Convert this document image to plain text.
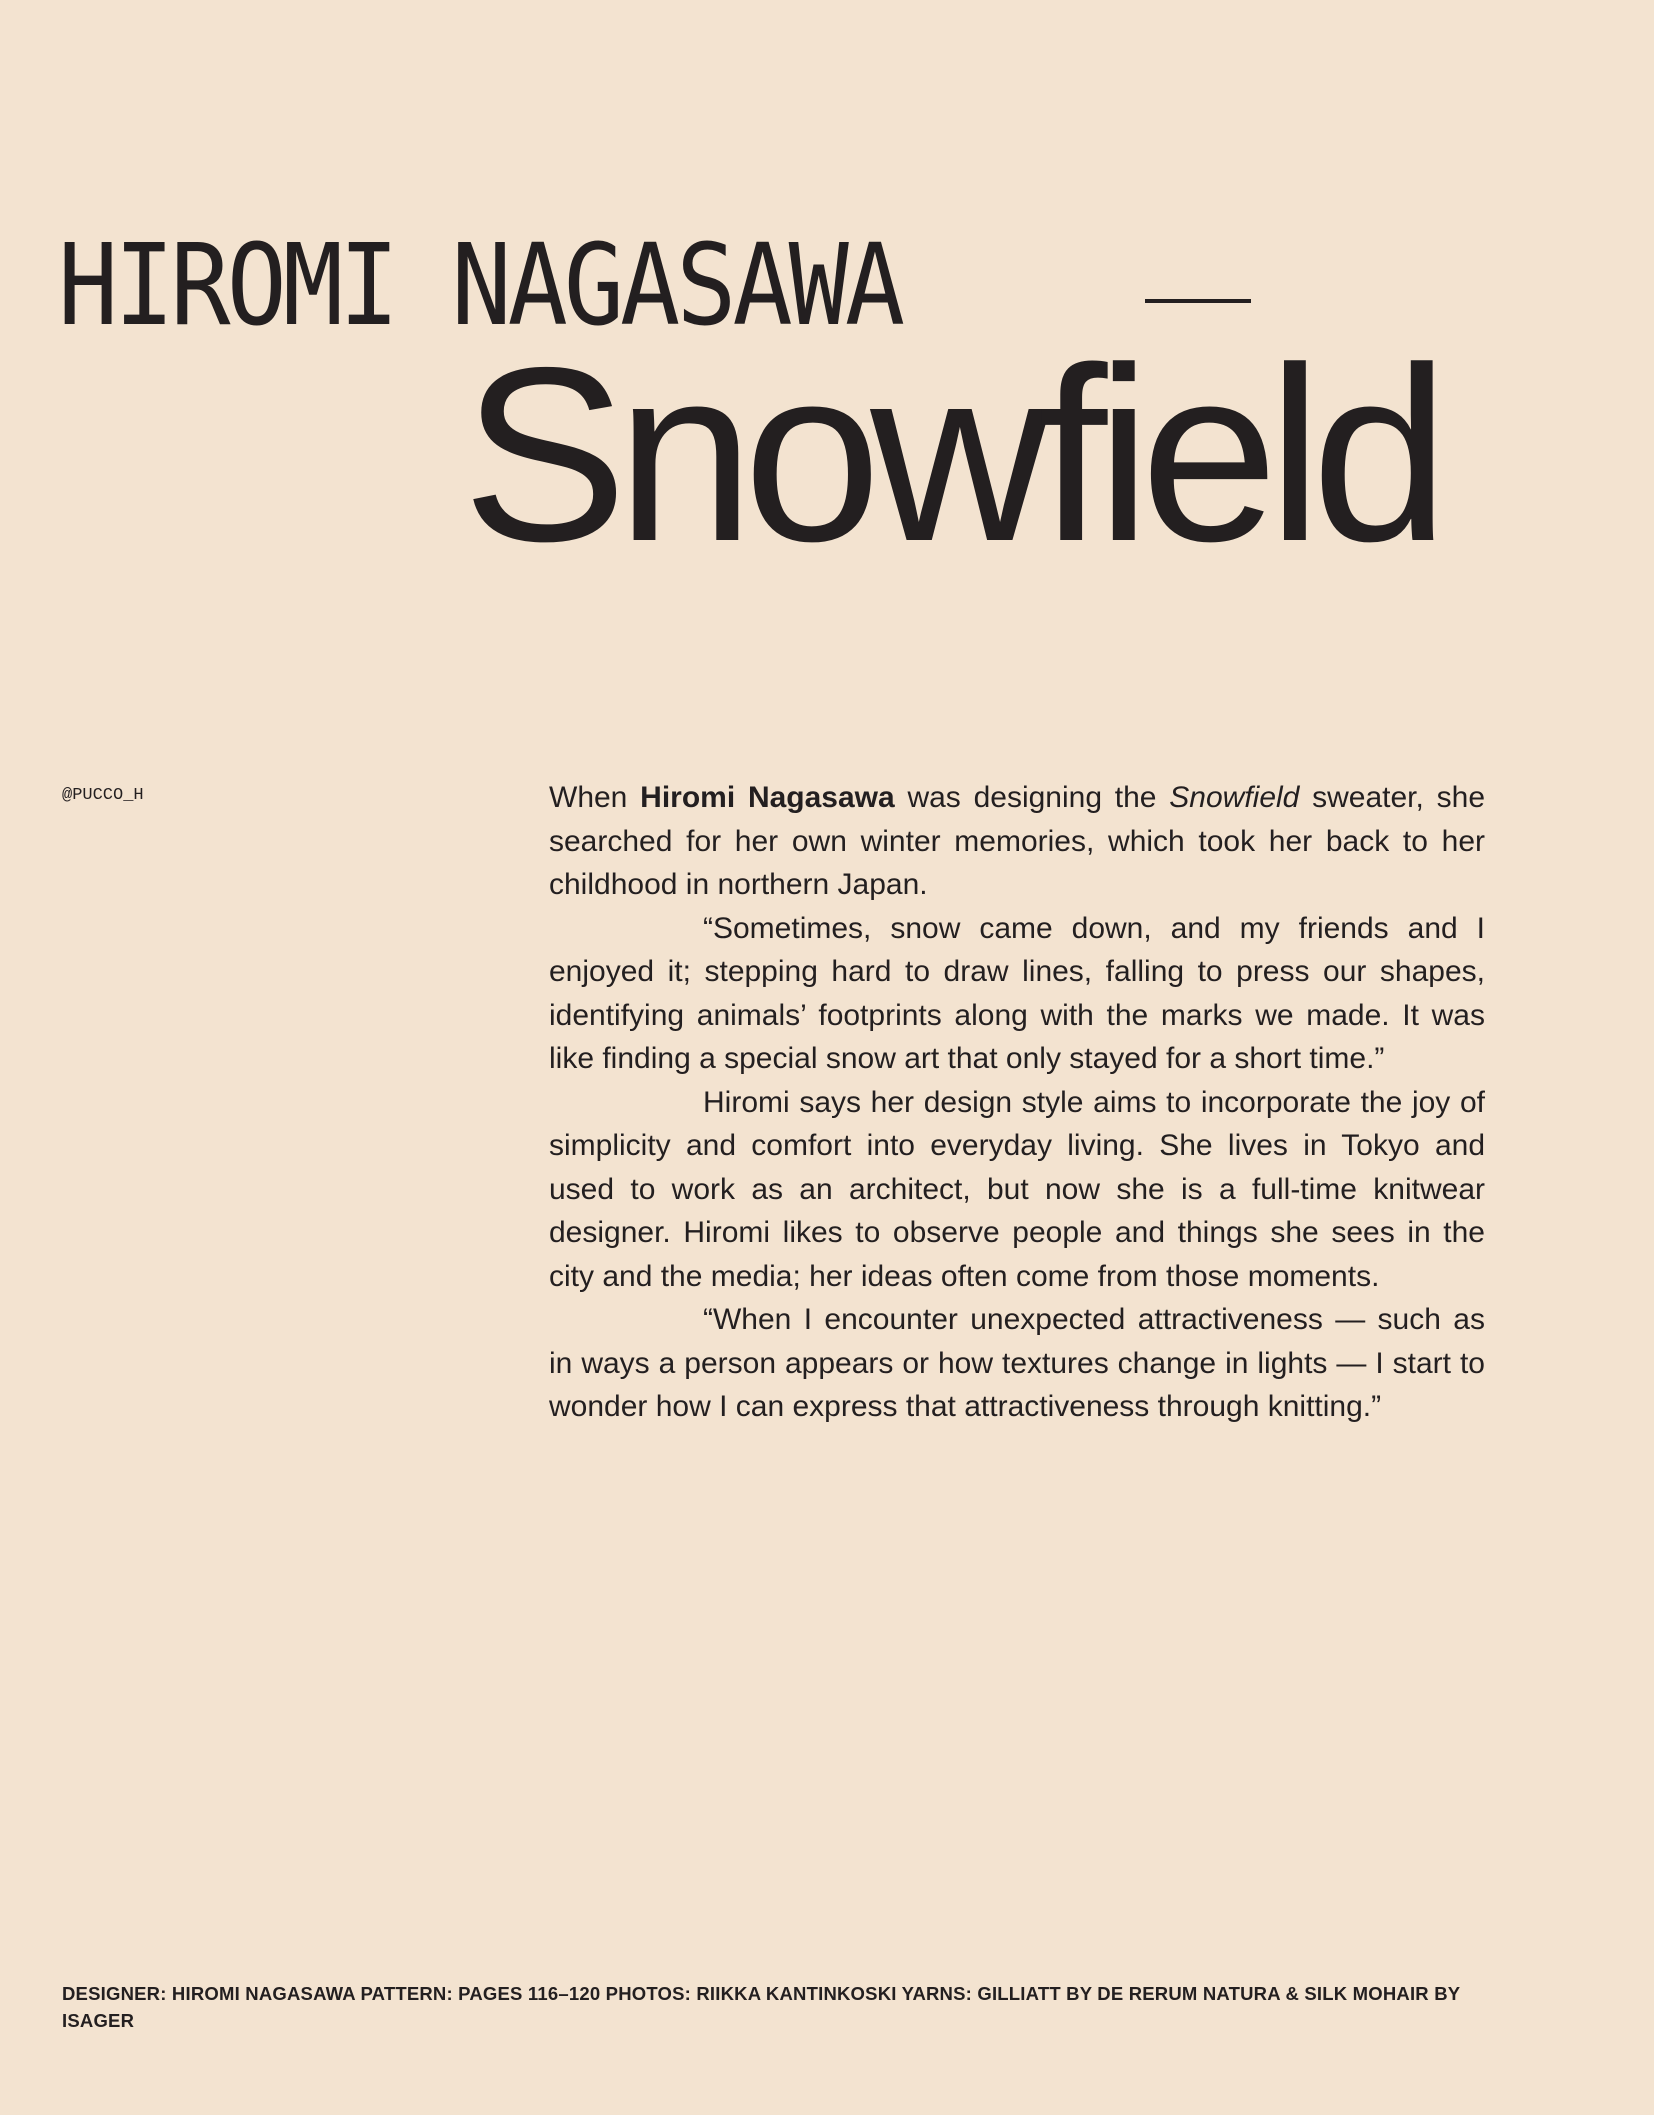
HIROMI NAGASAWA
Snowfield
@PUCCO_H	When Hiromi Nagasawa was designing the Snowfield sweater, she searched for her own winter memories, which took her back to her childhood in northern Japan.

“Sometimes, snow came down, and my friends and I enjoyed it; stepping hard to draw lines, falling to press our shapes, identifying animals’ footprints along with the marks we made. It was like finding a special snow art that only stayed for a short time.”

Hiromi says her design style aims to incorporate the joy of simplicity and comfort into everyday living. She lives in Tokyo and used to work as an architect, but now she is a full-time knitwear designer. Hiromi likes to observe people and things she sees in the city and the media; her ideas often come from those moments.

“When I encounter unexpected attractiveness — such as in ways a person appears or how textures change in lights — I start to wonder how I can express that attractiveness through knitting.”

DESIGNER: HIROMI NAGASAWA PATTERN: PAGES 116–120 PHOTOS: RIIKKA KANTINKOSKI YARNS: GILLIATT BY DE RERUM NATURA & SILK MOHAIR BY ISAGER
